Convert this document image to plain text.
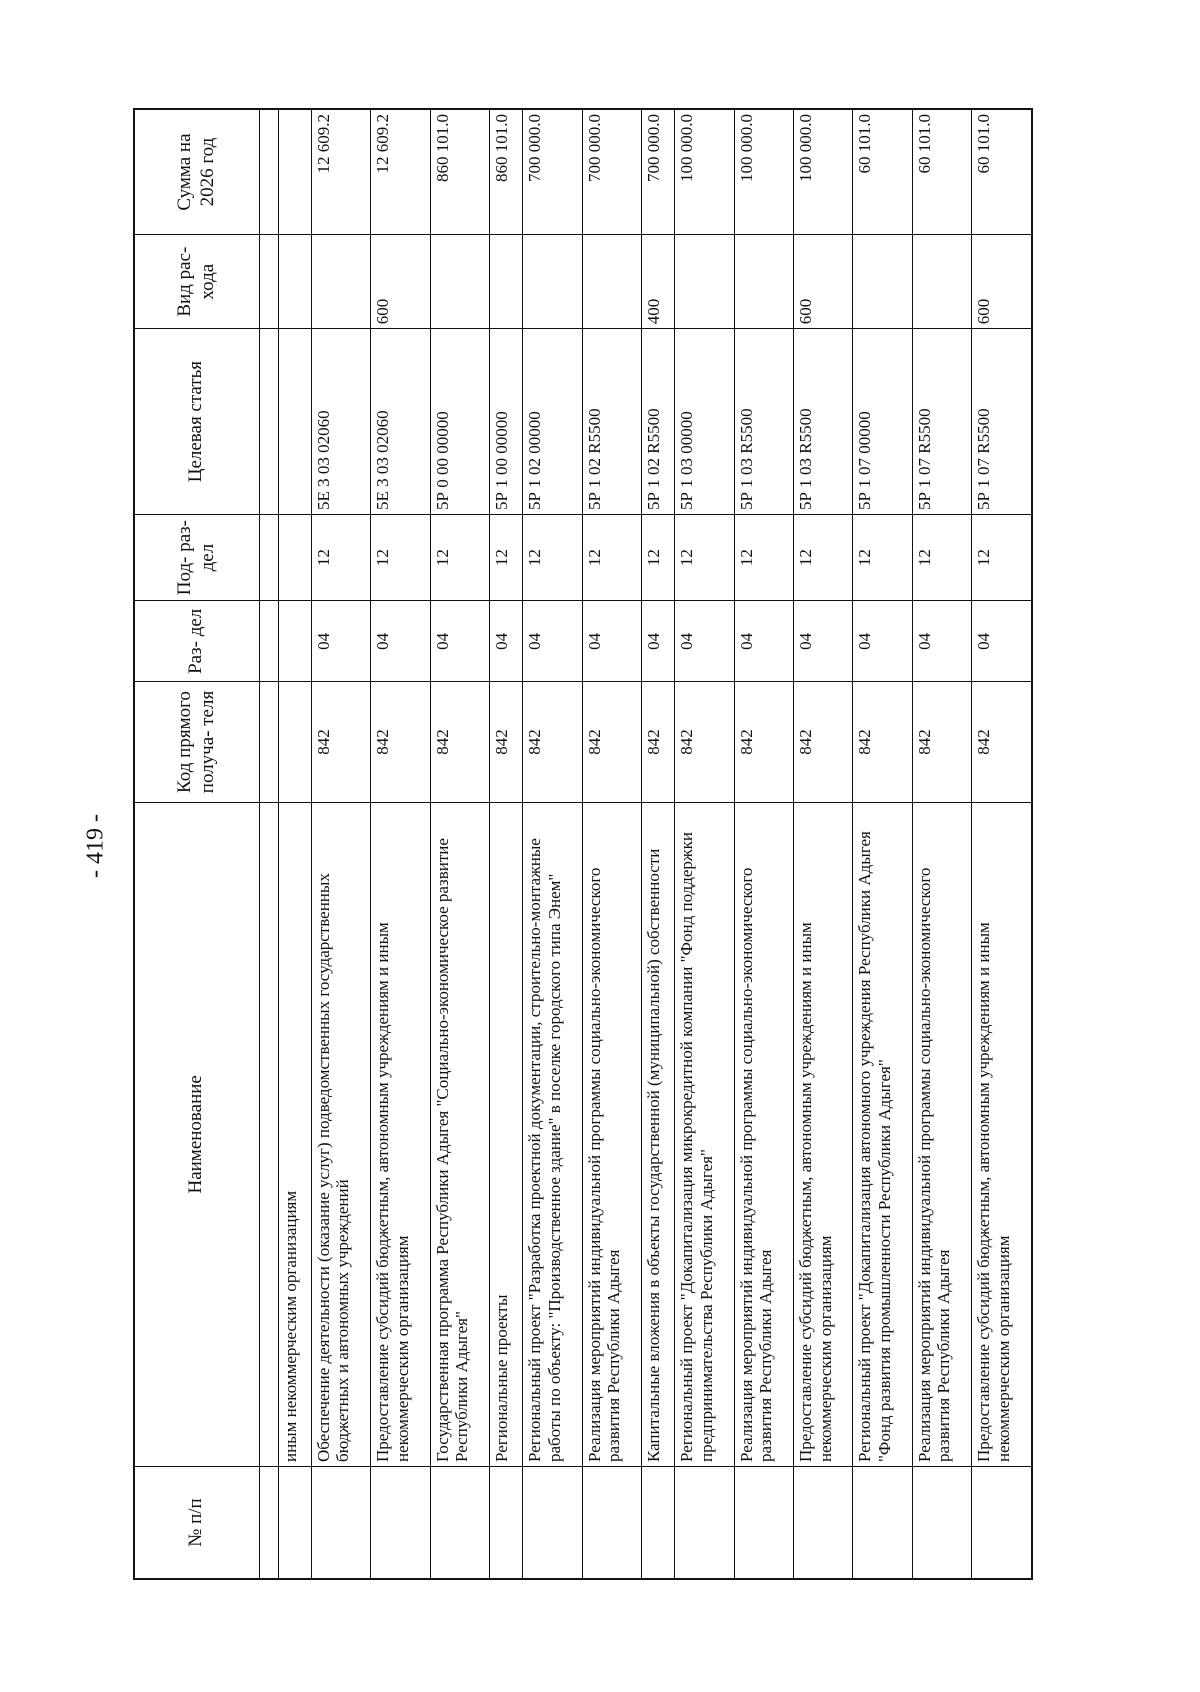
- 419 -
№ п/п	Наименование	Код прямого получа- теля	Раз- дел	Под- раз- дел	Целевая статья	Вид рас- хода	Сумма на 2026 год

	иным некоммерческим организациям						
	Обеспечение деятельности (оказание услуг) подведомственных государственных бюджетных и автономных учреждений	842	04	12	5Е 3 03 02060		12 609.2
	Предоставление субсидий бюджетным, автономным учреждениям и иным некоммерческим организациям	842	04	12	5Е 3 03 02060	600	12 609.2
	Государственная программа Республики Адыгея "Социально-экономическое развитие Республики Адыгея"	842	04	12	5Р 0 00 00000		860 101.0
	Региональные проекты	842	04	12	5Р 1 00 00000		860 101.0
	Региональный проект "Разработка проектной документации, строительно-монтажные работы по объекту: "Производственное здание" в поселке городского типа Энем"	842	04	12	5Р 1 02 00000		700 000.0
	Реализация мероприятий индивидуальной программы социально-экономического развития Республики Адыгея	842	04	12	5Р 1 02 R5500		700 000.0
	Капитальные вложения в объекты государственной (муниципальной) собственности	842	04	12	5Р 1 02 R5500	400	700 000.0
	Региональный проект "Докапитализация микрокредитной компании "Фонд поддержки предпринимательства Республики Адыгея"	842	04	12	5Р 1 03 00000		100 000.0
	Реализация мероприятий индивидуальной программы социально-экономического развития Республики Адыгея	842	04	12	5Р 1 03 R5500		100 000.0
	Предоставление субсидий бюджетным, автономным учреждениям и иным некоммерческим организациям	842	04	12	5Р 1 03 R5500	600	100 000.0
	Региональный проект "Докапитализация автономного учреждения Республики Адыгея "Фонд развития промышленности Республики Адыгея"	842	04	12	5Р 1 07 00000		60 101.0
	Реализация мероприятий индивидуальной программы социально-экономического развития Республики Адыгея	842	04	12	5Р 1 07 R5500		60 101.0
	Предоставление субсидий бюджетным, автономным учреждениям и иным некоммерческим организациям	842	04	12	5Р 1 07 R5500	600	60 101.0
